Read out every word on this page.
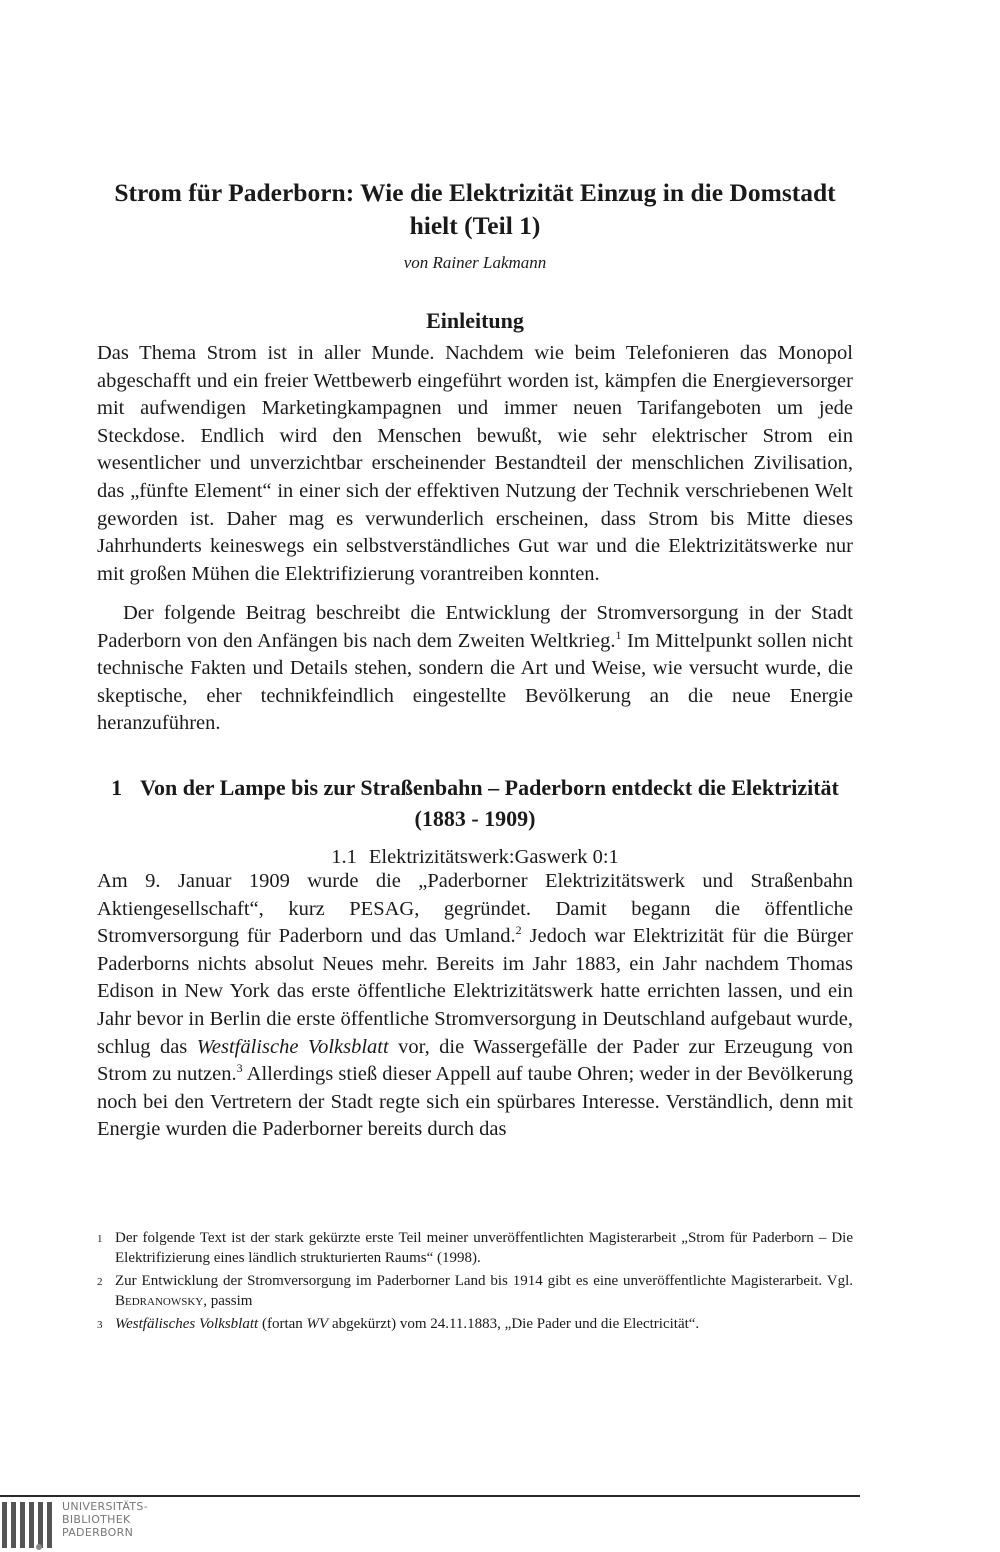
Strom für Paderborn: Wie die Elektrizität Einzug in die Domstadt hielt (Teil 1)
von Rainer Lakmann
Einleitung

Das Thema Strom ist in aller Munde. Nachdem wie beim Telefonieren das Monopol abgeschafft und ein freier Wettbewerb eingeführt worden ist, kämpfen die Energieversorger mit aufwendigen Marketingkampagnen und immer neuen Tarifangeboten um jede Steckdose. Endlich wird den Menschen bewußt, wie sehr elektrischer Strom ein wesentlicher und unverzichtbar erscheinender Bestandteil der menschlichen Zivilisation, das „fünfte Element“ in einer sich der effektiven Nutzung der Technik verschriebenen Welt geworden ist. Daher mag es verwunderlich erscheinen, dass Strom bis Mitte dieses Jahrhunderts keineswegs ein selbstverständliches Gut war und die Elektrizitätswerke nur mit großen Mühen die Elektrifizierung vorantreiben konnten.

Der folgende Beitrag beschreibt die Entwicklung der Stromversorgung in der Stadt Paderborn von den Anfängen bis nach dem Zweiten Weltkrieg.$^1$ Im Mittelpunkt sollen nicht technische Fakten und Details stehen, sondern die Art und Weise, wie versucht wurde, die skeptische, eher technikfeindlich eingestellte Bevölkerung an die neue Energie heranzuführen.

1 Von der Lampe bis zur Straßenbahn – Paderborn entdeckt die Elektrizität (1883 - 1909)
1.1 Elektrizitätswerk:Gaswerk 0:1

Am 9. Januar 1909 wurde die „Paderborner Elektrizitätswerk und Straßenbahn Aktiengesellschaft“, kurz PESAG, gegründet. Damit begann die öffentliche Stromversorgung für Paderborn und das Umland.$^2$ Jedoch war Elektrizität für die Bürger Paderborns nichts absolut Neues mehr. Bereits im Jahr 1883, ein Jahr nachdem Thomas Edison in New York das erste öffentliche Elektrizitätswerk hatte errichten lassen, und ein Jahr bevor in Berlin die erste öffentliche Stromversorgung in Deutschland aufgebaut wurde, schlug das Westfälische Volksblatt vor, die Wassergefälle der Pader zur Erzeugung von Strom zu nutzen.$^3$ Allerdings stieß dieser Appell auf taube Ohren; weder in der Bevölkerung noch bei den Vertretern der Stadt regte sich ein spürbares Interesse. Verständlich, denn mit Energie wurden die Paderborner bereits durch das

1 Der folgende Text ist der stark gekürzte erste Teil meiner unveröffentlichten Magisterarbeit „Strom für Paderborn – Die Elektrifizierung eines ländlich strukturierten Raums“ (1998).
2 Zur Entwicklung der Stromversorgung im Paderborner Land bis 1914 gibt es eine unveröffentlichte Magisterarbeit. Vgl. Bedranowsky, passim
3 Westfälisches Volksblatt (fortan WV abgekürzt) vom 24.11.1883, „Die Pader und die Electricität“.
UNIVERSITÄTS-
BIBLIOTHEK
PADERBORN
